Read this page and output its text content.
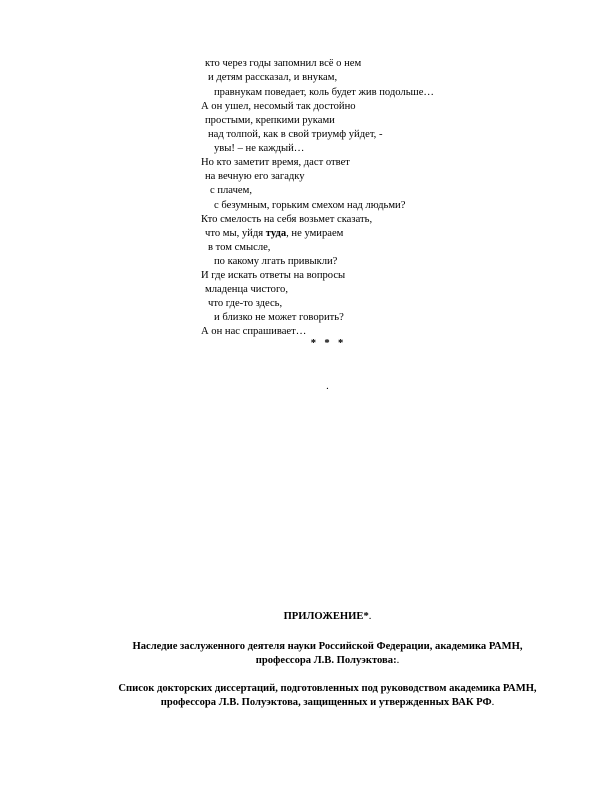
кто через годы запомнил всё о нем
и детям рассказал, и внукам,
правнукам поведает, коль будет жив подольше…
А он ушел, несомый так достойно
простыми, крепкими руками
над толпой, как в свой триумф уйдет, -
увы! – не каждый…
Но кто заметит время, даст ответ
на вечную его загадку
с плачем,
с безумным, горьким смехом над людьми?
Кто смелость на себя возьмет сказать,
что мы, уйдя туда, не умираем
в том смысле,
по какому лгать привыкли?
И где искать ответы на вопросы
младенца чистого,
что где-то здесь,
и близко не может говорить?
А он нас спрашивает…
*  *  *
.
ПРИЛОЖЕНИЕ*.
Наследие заслуженного деятеля науки Российской Федерации, академика РАМН,
профессора Л.В. Полуэктова:.
Список докторских диссертаций, подготовленных под руководством академика РАМН,
профессора Л.В. Полуэктова, защищенных и утвержденных ВАК РФ.
